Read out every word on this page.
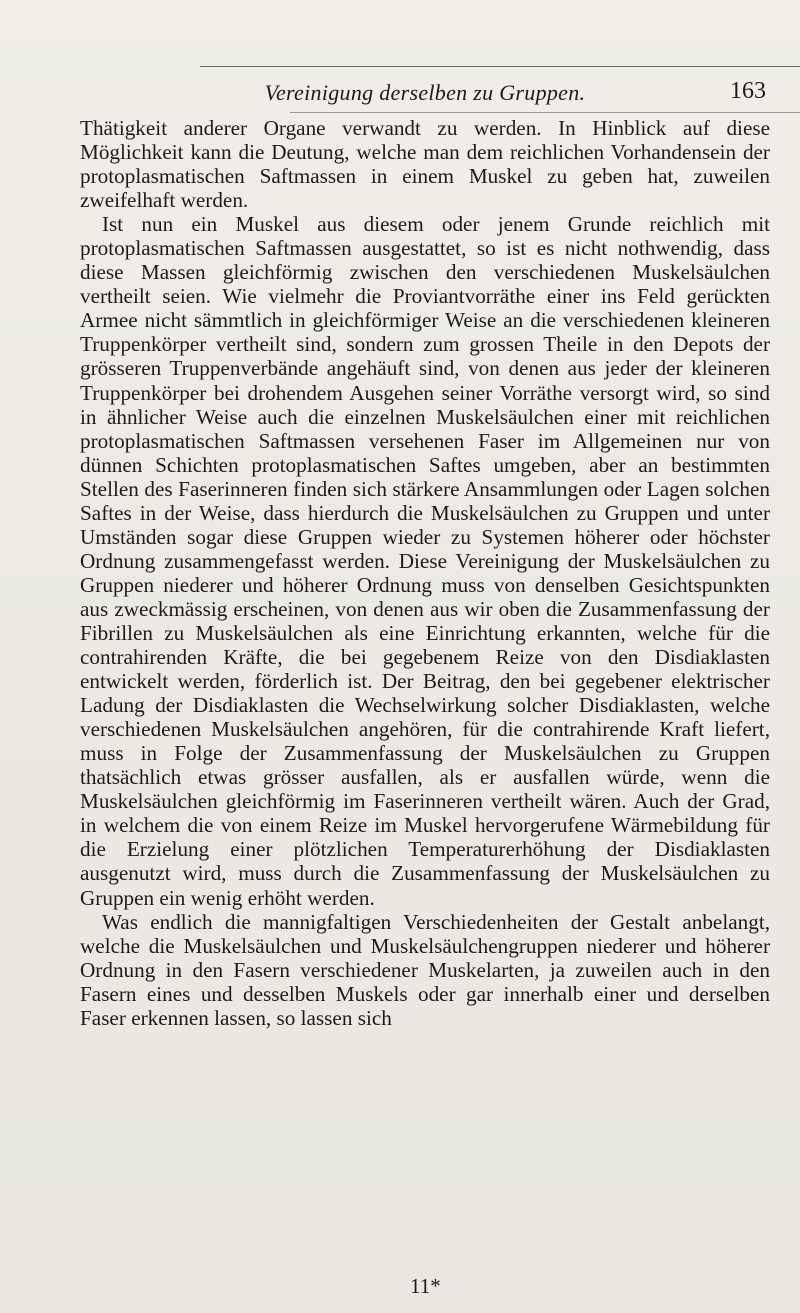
Vereinigung derselben zu Gruppen.	163

Thätigkeit anderer Organe verwandt zu werden. In Hinblick auf diese Möglichkeit kann die Deutung, welche man dem reichlichen Vorhandensein der protoplasmatischen Saftmassen in einem Muskel zu geben hat, zuweilen zweifelhaft werden.

Ist nun ein Muskel aus diesem oder jenem Grunde reichlich mit protoplasmatischen Saftmassen ausgestattet, so ist es nicht nothwendig, dass diese Massen gleichförmig zwischen den verschiedenen Muskelsäulchen vertheilt seien. Wie vielmehr die Proviantvorräthe einer ins Feld gerückten Armee nicht sämmtlich in gleichförmiger Weise an die verschiedenen kleineren Truppenkörper vertheilt sind, sondern zum grossen Theile in den Depots der grösseren Truppenverbände angehäuft sind, von denen aus jeder der kleineren Truppenkörper bei drohendem Ausgehen seiner Vorräthe versorgt wird, so sind in ähnlicher Weise auch die einzelnen Muskelsäulchen einer mit reichlichen protoplasmatischen Saftmassen versehenen Faser im Allgemeinen nur von dünnen Schichten protoplasmatischen Saftes umgeben, aber an bestimmten Stellen des Faserinneren finden sich stärkere Ansammlungen oder Lagen solchen Saftes in der Weise, dass hierdurch die Muskelsäulchen zu Gruppen und unter Umständen sogar diese Gruppen wieder zu Systemen höherer oder höchster Ordnung zusammengefasst werden. Diese Vereinigung der Muskelsäulchen zu Gruppen niederer und höherer Ordnung muss von denselben Gesichtspunkten aus zweckmässig erscheinen, von denen aus wir oben die Zusammenfassung der Fibrillen zu Muskelsäulchen als eine Einrichtung erkannten, welche für die contrahirenden Kräfte, die bei gegebenem Reize von den Disdiaklasten entwickelt werden, förderlich ist. Der Beitrag, den bei gegebener elektrischer Ladung der Disdiaklasten die Wechselwirkung solcher Disdiaklasten, welche verschiedenen Muskelsäulchen angehören, für die contrahirende Kraft liefert, muss in Folge der Zusammenfassung der Muskelsäulchen zu Gruppen thatsächlich etwas grösser ausfallen, als er ausfallen würde, wenn die Muskelsäulchen gleichförmig im Faserinneren vertheilt wären. Auch der Grad, in welchem die von einem Reize im Muskel hervorgerufene Wärmebildung für die Erzielung einer plötzlichen Temperaturerhöhung der Disdiaklasten ausgenutzt wird, muss durch die Zusammenfassung der Muskelsäulchen zu Gruppen ein wenig erhöht werden.

Was endlich die mannigfaltigen Verschiedenheiten der Gestalt anbelangt, welche die Muskelsäulchen und Muskelsäulchengruppen niederer und höherer Ordnung in den Fasern verschiedener Muskelarten, ja zuweilen auch in den Fasern eines und desselben Muskels oder gar innerhalb einer und derselben Faser erkennen lassen, so lassen sich

11*
